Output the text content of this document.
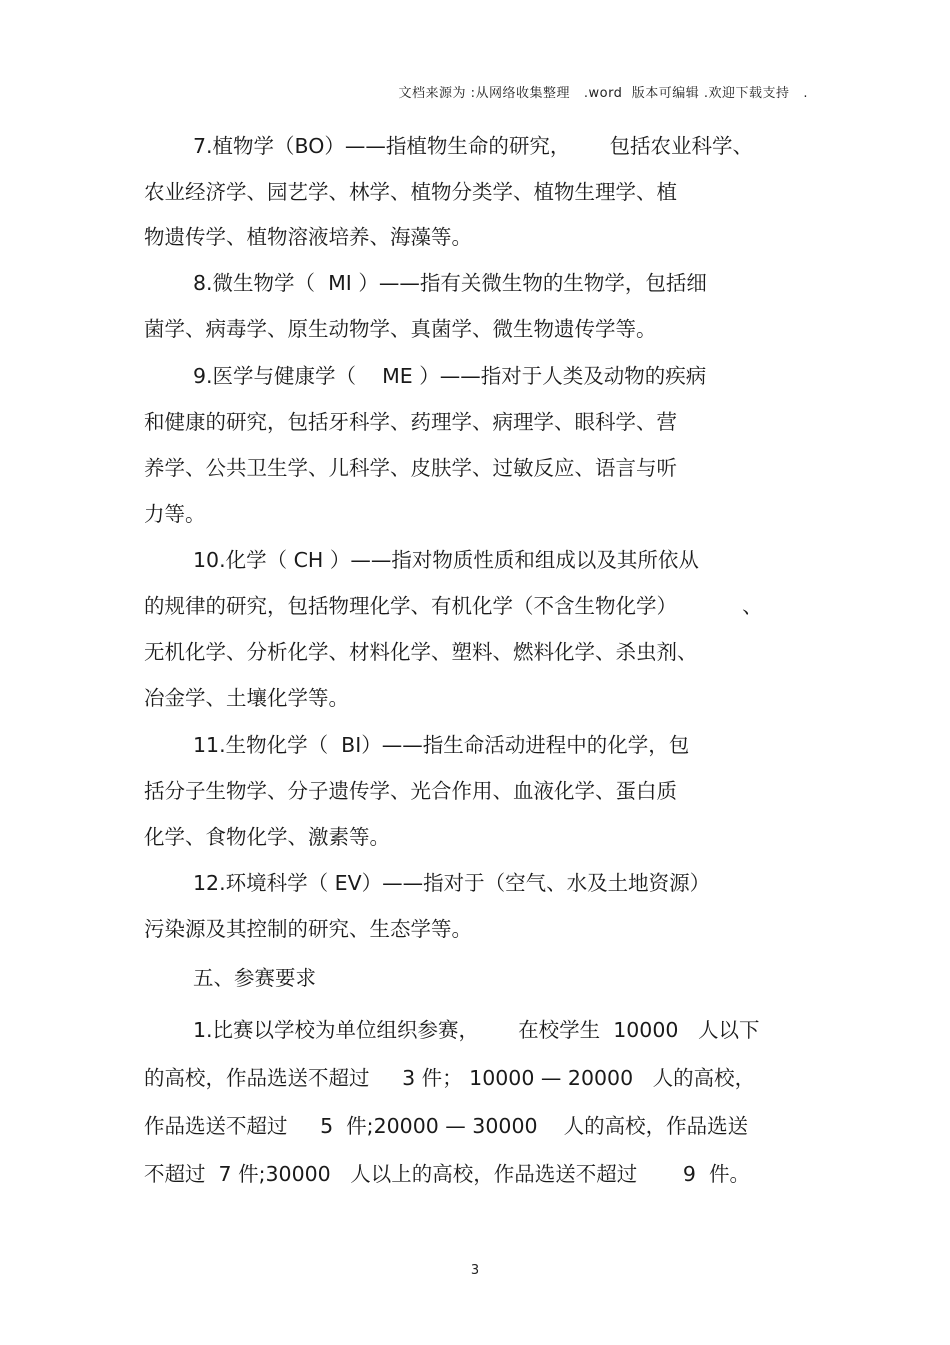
文档来源为 :从网络收集整理   .word  版本可编辑 .欢迎下载支持   .
7.植物学（BO）——指植物生命的研究，      包括农业科学、
农业经济学、园艺学、林学、植物分类学、植物生理学、植
物遗传学、植物溶液培养、海藻等。
8.微生物学（  MI ）——指有关微生物的生物学，包括细
菌学、病毒学、原生动物学、真菌学、微生物遗传学等。
9.医学与健康学（    ME ）——指对于人类及动物的疾病
和健康的研究，包括牙科学、药理学、病理学、眼科学、营
养学、公共卫生学、儿科学、皮肤学、过敏反应、语言与听
力等。
10.化学（ CH ）——指对物质性质和组成以及其所依从
的规律的研究，包括物理化学、有机化学（不含生物化学）          、
无机化学、分析化学、材料化学、塑料、燃料化学、杀虫剂、
冶金学、土壤化学等。
11.生物化学（  BI）——指生命活动进程中的化学，包
括分子生物学、分子遗传学、光合作用、血液化学、蛋白质
化学、食物化学、激素等。
12.环境科学（ EV）——指对于（空气、水及土地资源）
污染源及其控制的研究、生态学等。
五、参赛要求
1.比赛以学校为单位组织参赛，      在校学生  10000   人以下
的高校，作品选送不超过     3 件； 10000 — 20000   人的高校，
作品选送不超过     5  件;20000 — 30000    人的高校，作品选送
不超过  7 件;30000   人以上的高校，作品选送不超过       9  件。
3
